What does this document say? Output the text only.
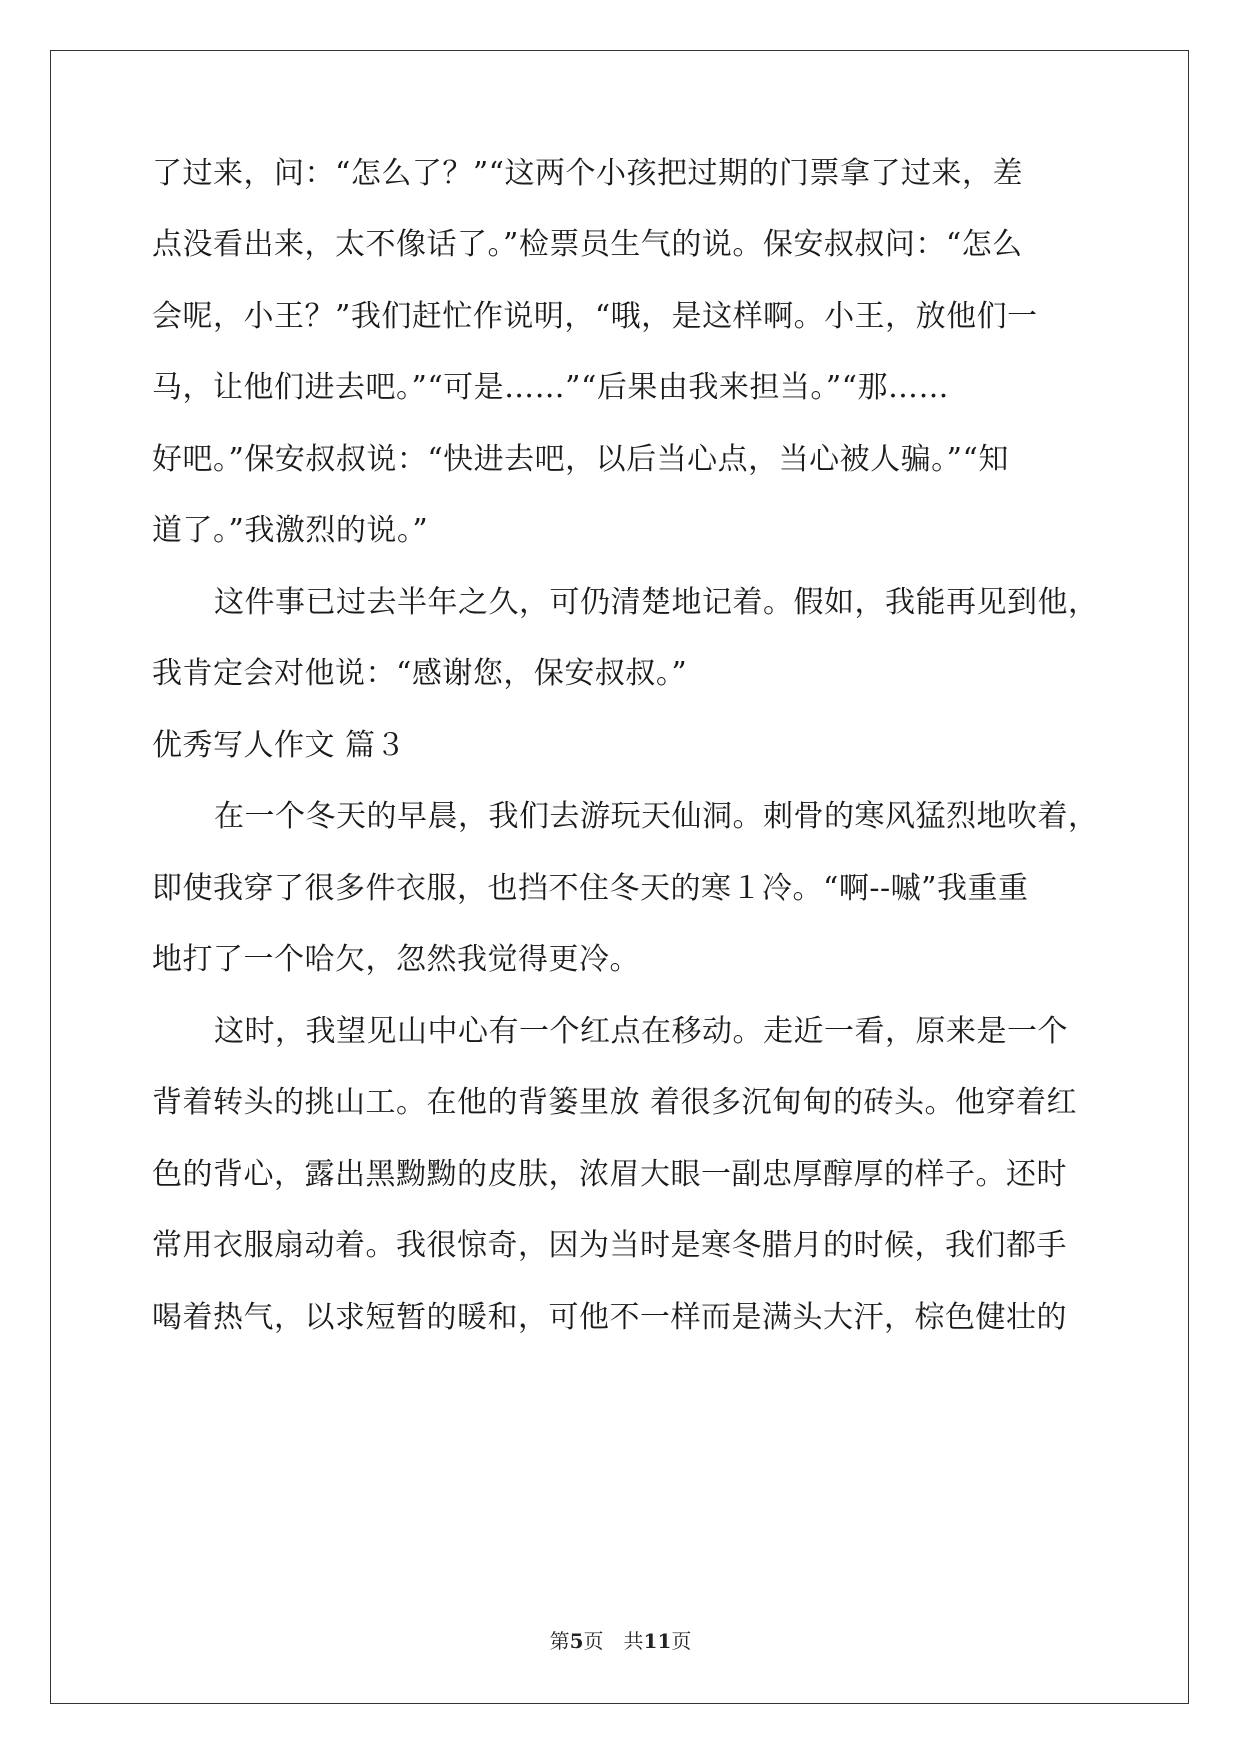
了过来，问：“怎么了？”“这两个小孩把过期的门票拿了过来，差
点没看出来，太不像话了。”检票员生气的说。保安叔叔问：“怎么
会呢，小王？”我们赶忙作说明，“哦，是这样啊。小王，放他们一
马，让他们进去吧。”“可是……”“后果由我来担当。”“那……
好吧。”保安叔叔说：“快进去吧，以后当心点，当心被人骗。”“知
道了。”我激烈的说。”
这件事已过去半年之久，可仍清楚地记着。假如，我能再见到他，
我肯定会对他说：“感谢您，保安叔叔。”
优秀写人作文 篇３
在一个冬天的早晨，我们去游玩天仙洞。刺骨的寒风猛烈地吹着，
即使我穿了很多件衣服，也挡不住冬天的寒１冷。“啊--嘁”我重重
地打了一个哈欠，忽然我觉得更冷。
这时，我望见山中心有一个红点在移动。走近一看，原来是一个
背着转头的挑山工。在他的背篓里放 着很多沉甸甸的砖头。他穿着红
色的背心，露出黑黝黝的皮肤，浓眉大眼一副忠厚醇厚的样子。还时
常用衣服扇动着。我很惊奇，因为当时是寒冬腊月的时候，我们都手
喝着热气，以求短暂的暖和，可他不一样而是满头大汗，棕色健壮的
第5页　共11页
